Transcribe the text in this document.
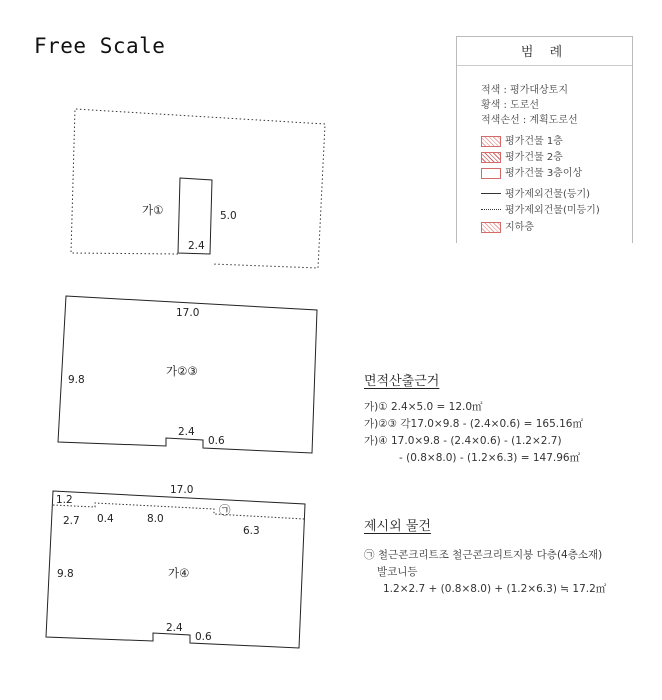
Free Scale	범 례
적색 : 평가대상토지
황색 : 도로선
적색손선 : 계획도로선
평가건물 1층
평가건물 2층
평가건물 3층이상
평가제외건물(등기)
평가제외건물(미등기)
지하층
가①	5.0
2.4
17.0
9.8
가②③
2.4
0.6
17.0
1.2
2.7 0.4	8.0
㉠
6.3
9.8	가④
2.4
0.6
면적산출근거
가)① 2.4×5.0 = 12.0㎡
가)②③ 각17.0×9.8 - (2.4×0.6) = 165.16㎡
가)④ 17.0×9.8 - (2.4×0.6) - (1.2×2.7)
- (0.8×8.0) - (1.2×6.3) = 147.96㎡
제시외 물건
㉠ 철근콘크리트조 철근콘크리트지붕 다층(4층소재)
발코니등
1.2×2.7 + (0.8×8.0) + (1.2×6.3) ≒ 17.2㎡
